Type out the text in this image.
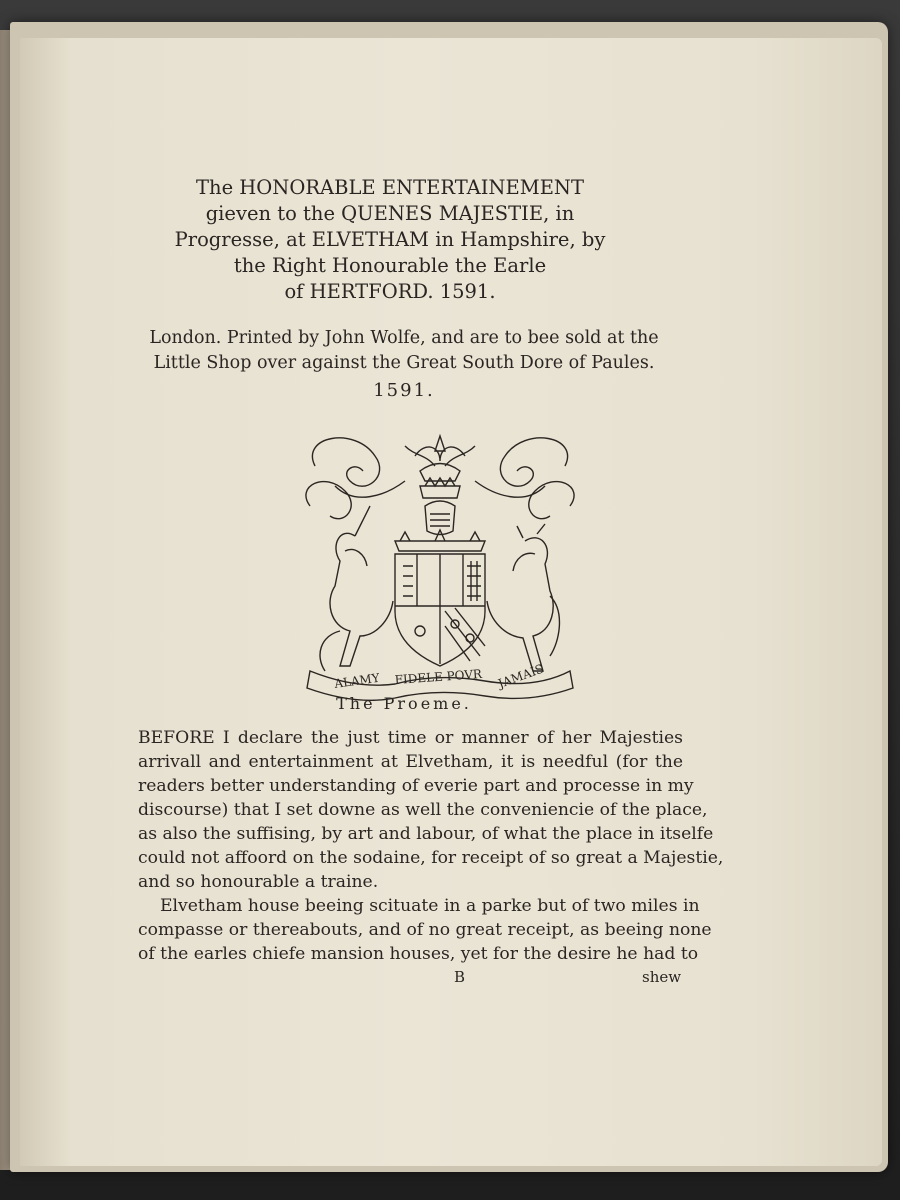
The HONORABLE ENTERTAINEMENT
gieven to the QUENES MAJESTIE, in
Progresse, at ELVETHAM in Hampshire, by
the Right Honourable the Earle
of HERTFORD. 1591.
London. Printed by John Wolfe, and are to bee sold at the
Little Shop over against the Great South Dore of Paules.
1591.
ALAMY FIDELE POVR JAMAIS
The Proeme.
BEFORE I declare the just time or manner of her Majesties
arrivall and entertainment at Elvetham, it is needful (for the
readers better understanding of everie part and processe in my
discourse) that I set downe as well the conveniencie of the place,
as also the suffising, by art and labour, of what the place in itselfe
could not affoord on the sodaine, for receipt of so great a Majestie,
and so honourable a traine.
Elvetham house beeing scituate in a parke but of two miles in
compasse or thereabouts, and of no great receipt, as beeing none
of the earles chiefe mansion houses, yet for the desire he had to
B	shew
